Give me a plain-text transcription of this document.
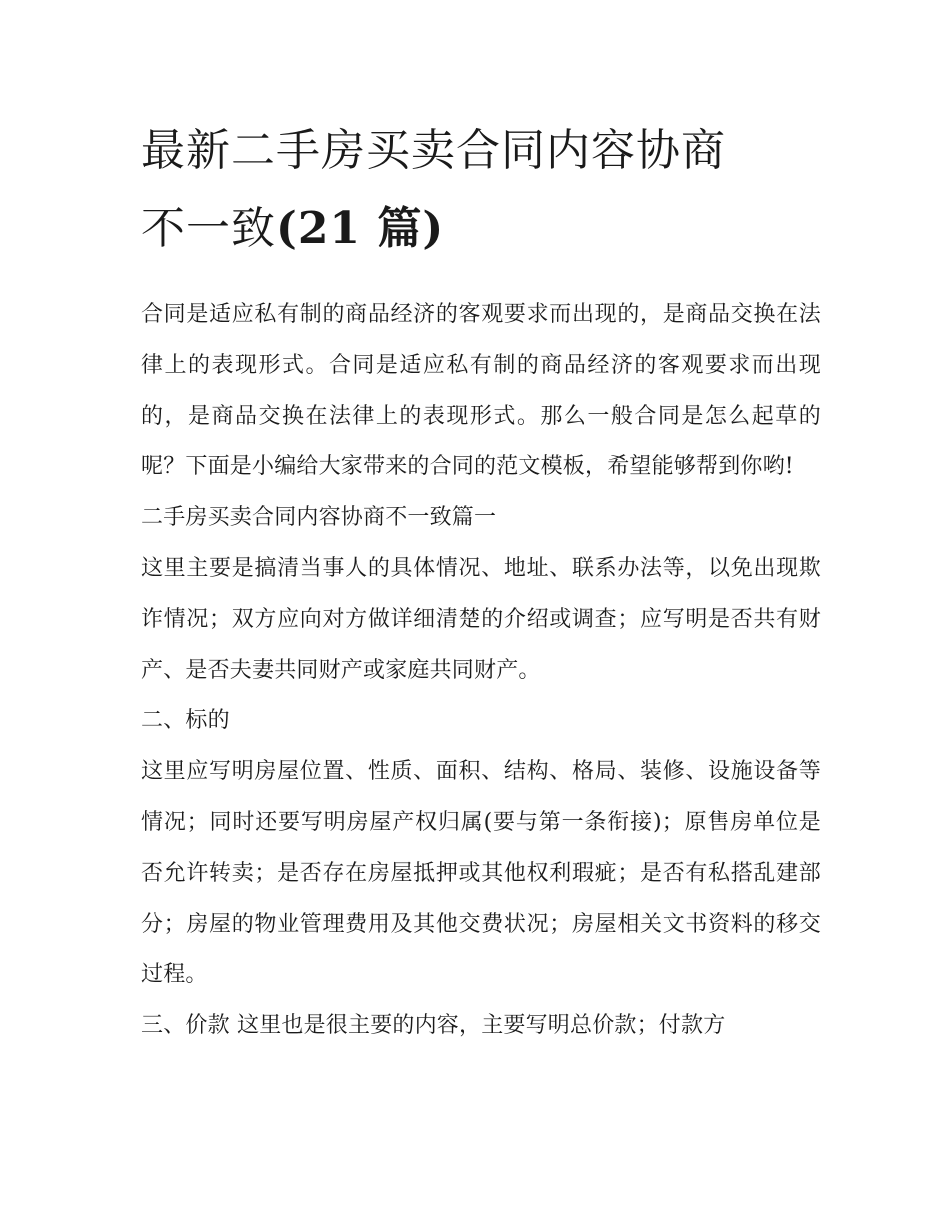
最新二手房买卖合同内容协商
不一致(21 篇)

合同是适应私有制的商品经济的客观要求而出现的，是商品交换在法律上的表现形式。合同是适应私有制的商品经济的客观要求而出现的，是商品交换在法律上的表现形式。那么一般合同是怎么起草的呢？下面是小编给大家带来的合同的范文模板，希望能够帮到你哟!

二手房买卖合同内容协商不一致篇一

这里主要是搞清当事人的具体情况、地址、联系办法等，以免出现欺诈情况；双方应向对方做详细清楚的介绍或调查；应写明是否共有财产、是否夫妻共同财产或家庭共同财产。

二、标的

这里应写明房屋位置、性质、面积、结构、格局、装修、设施设备等情况；同时还要写明房屋产权归属(要与第一条衔接)；原售房单位是否允许转卖；是否存在房屋抵押或其他权利瑕疵；是否有私搭乱建部分；房屋的物业管理费用及其他交费状况；房屋相关文书资料的移交过程。

三、价款 这里也是很主要的内容，主要写明总价款；付款方
